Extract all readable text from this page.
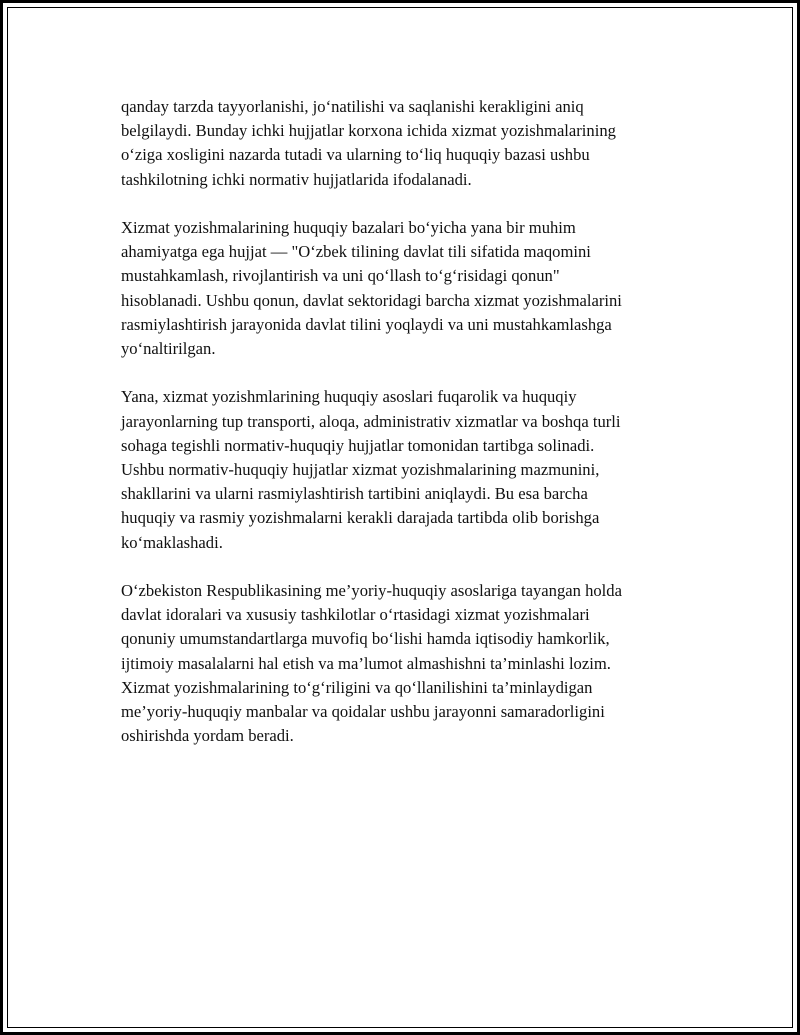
qanday tarzda tayyorlanishi, jo‘natilishi va saqlanishi kerakligini aniq
belgilaydi. Bunday ichki hujjatlar korxona ichida xizmat yozishmalarining
o‘ziga xosligini nazarda tutadi va ularning to‘liq huquqiy bazasi ushbu
tashkilotning ichki normativ hujjatlarida ifodalanadi.

Xizmat yozishmalarining huquqiy bazalari bo‘yicha yana bir muhim
ahamiyatga ega hujjat — "O‘zbek tilining davlat tili sifatida maqomini
mustahkamlash, rivojlantirish va uni qo‘llash to‘g‘risidagi qonun"
hisoblanadi. Ushbu qonun, davlat sektoridagi barcha xizmat yozishmalarini
rasmiylashtirish jarayonida davlat tilini yoqlaydi va uni mustahkamlashga
yo‘naltirilgan.

Yana, xizmat yozishmlarining huquqiy asoslari fuqarolik va huquqiy
jarayonlarning tup transporti, aloqa, administrativ xizmatlar va boshqa turli
sohaga tegishli normativ-huquqiy hujjatlar tomonidan tartibga solinadi.
Ushbu normativ-huquqiy hujjatlar xizmat yozishmalarining mazmunini,
shakllarini va ularni rasmiylashtirish tartibini aniqlaydi. Bu esa barcha
huquqiy va rasmiy yozishmalarni kerakli darajada tartibda olib borishga
ko‘maklashadi.

O‘zbekiston Respublikasining me’yoriy-huquqiy asoslariga tayangan holda
davlat idoralari va xususiy tashkilotlar o‘rtasidagi xizmat yozishmalari
qonuniy umumstandartlarga muvofiq bo‘lishi hamda iqtisodiy hamkorlik,
ijtimoiy masalalarni hal etish va ma’lumot almashishni ta’minlashi lozim.
Xizmat yozishmalarining to‘g‘riligini va qo‘llanilishini ta’minlaydigan
me’yoriy-huquqiy manbalar va qoidalar ushbu jarayonni samaradorligini
oshirishda yordam beradi.
